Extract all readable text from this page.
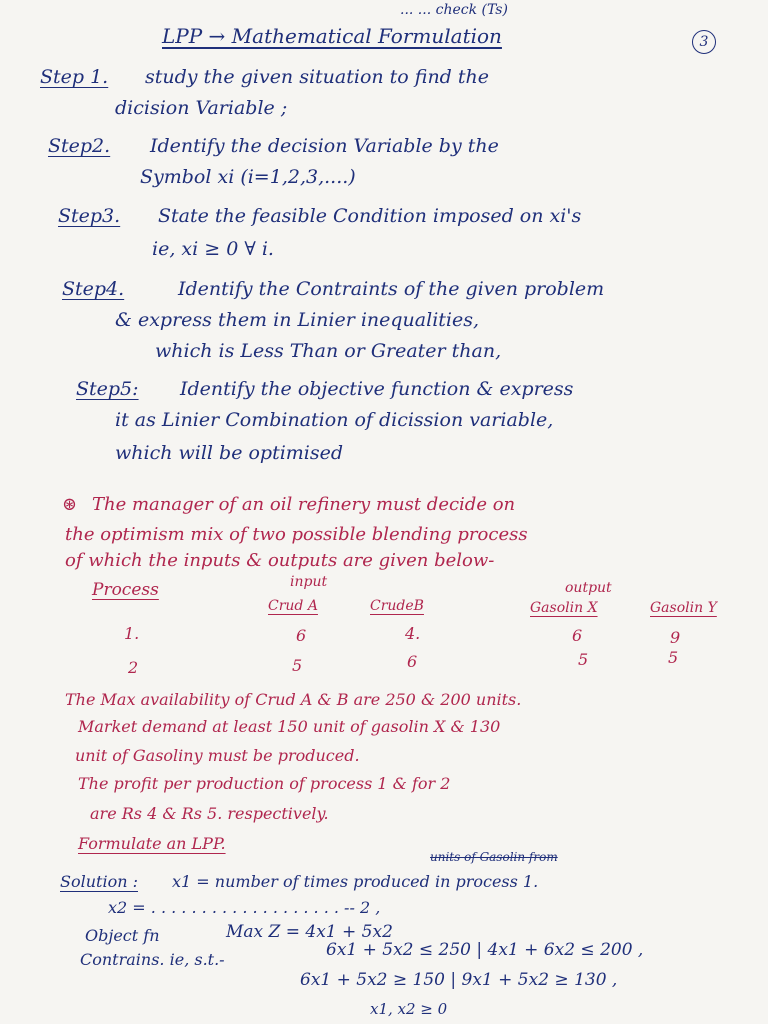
... ... check (Ts)
LPP → Mathematical Formulation	3
Step 1. study the given situation to find the
dicision Variable ;
Step2. Identify the decision Variable by the
Symbol xi (i=1,2,3,....)
Step3. State the feasible Condition imposed on xi's
ie, xi ≥ 0 ∀ i.
Step4.	Identify the Contraints of the given problem
& express them in Linier inequalities,
which is Less Than or Greater than,
Step5: Identify the objective function & express
it as Linier Combination of dicission variable,
which will be optimised
⊛ The manager of an oil refinery must decide on
the optimism mix of two possible blending process
of which the inputs & outputs are given below-
Process	input	output
Crud A	CrudeB	Gasolin X	Gasolin Y
1.	6	4.	6	9
2	5	6	5	5
The Max availability of Crud A & B are 250 & 200 units.
Market demand at least 150 unit of gasolin X & 130
unit of Gasoliny must be produced.
The profit per production of process 1 & for 2
are Rs 4 & Rs 5. respectively.
Formulate an LPP.
Solution : x1 = number of times produced in process 1.
units of Gasolin from
x2 = . . . . . . . . . . . . . . . . . . . -- 2 ,
Object fn	Max Z = 4x1 + 5x2
Contrains. ie, s.t.-	6x1 + 5x2 ≤ 250 | 4x1 + 6x2 ≤ 200 ,
6x1 + 5x2 ≥ 150 | 9x1 + 5x2 ≥ 130 ,
x1, x2 ≥ 0
